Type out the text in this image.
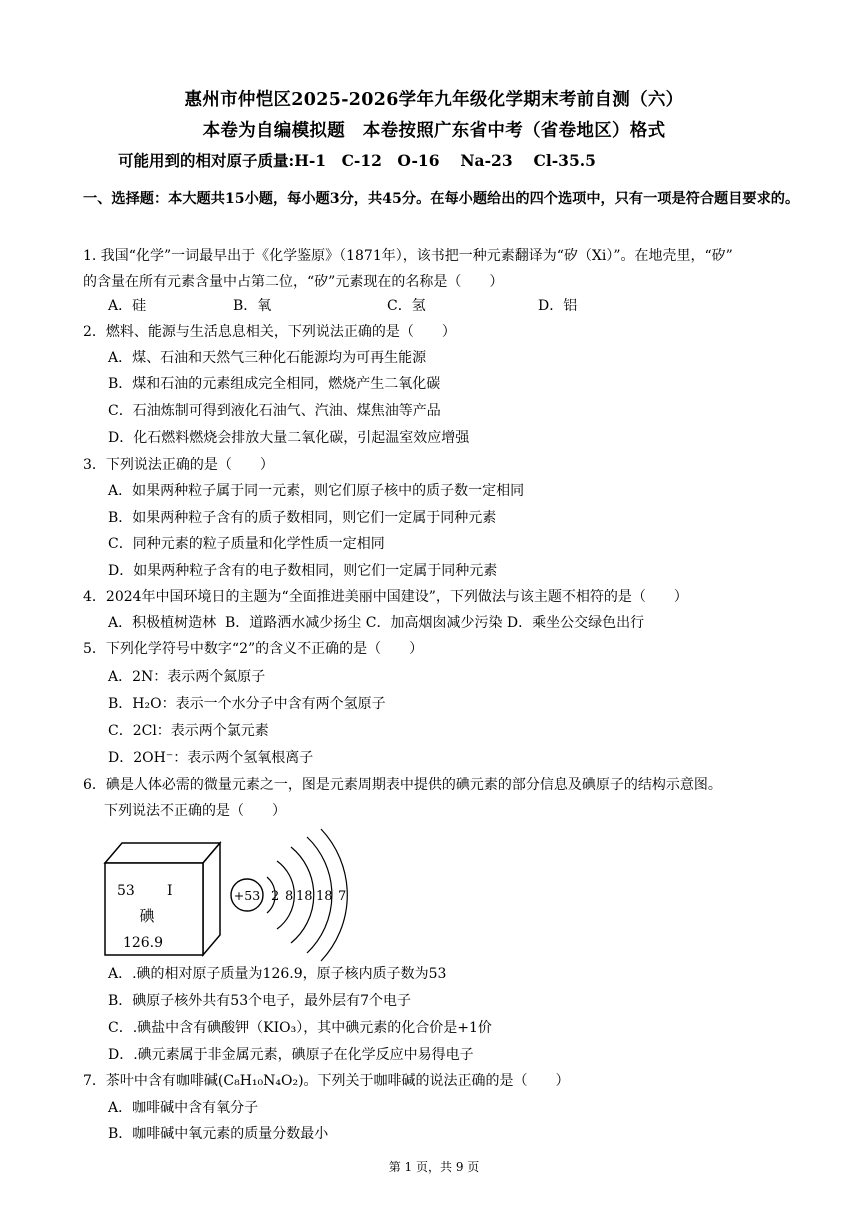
惠州市仲恺区2025-2026学年九年级化学期末考前自测（六）
本卷为自编模拟题　本卷按照广东省中考（省卷地区）格式
可能用到的相对原子质量:H-1　C-12　O-16　 Na-23　 Cl-35.5
一、选择题：本大题共15小题，每小题3分，共45分。在每小题给出的四个选项中，只有一项是符合题目要求的。
1. 我国“化学”一词最早出于《化学鉴原》（1871年），该书把一种元素翻译为“矽（Xi）”。在地壳里，“矽”
的含量在所有元素含量中占第二位，“矽”元素现在的名称是（　　）
A．硅	B．氧	C．氢	D．铝
2．燃料、能源与生活息息相关，下列说法正确的是（　　）
A．煤、石油和天然气三种化石能源均为可再生能源
B．煤和石油的元素组成完全相同，燃烧产生二氧化碳
C．石油炼制可得到液化石油气、汽油、煤焦油等产品
D．化石燃料燃烧会排放大量二氧化碳，引起温室效应增强
3．下列说法正确的是（　　）
A．如果两种粒子属于同一元素，则它们原子核中的质子数一定相同
B．如果两种粒子含有的质子数相同，则它们一定属于同种元素
C．同种元素的粒子质量和化学性质一定相同
D．如果两种粒子含有的电子数相同，则它们一定属于同种元素
4．2024年中国环境日的主题为“全面推进美丽中国建设”，下列做法与该主题不相符的是（　　）
A．积极植树造林  B．道路洒水减少扬尘 C．加高烟囱减少污染 D．乘坐公交绿色出行
5．下列化学符号中数字“2”的含义不正确的是（　　）
A．2N：表示两个氮原子
B．H₂O：表示一个水分子中含有两个氢原子
C．2Cl：表示两个氯元素
D．2OH⁻：表示两个氢氧根离子
6．碘是人体必需的微量元素之一，图是元素周期表中提供的碘元素的部分信息及碘原子的结构示意图。
下列说法不正确的是（　　）
53 I
碘
126.9
+53 2 8 18 18 7
A．.碘的相对原子质量为126.9，原子核内质子数为53
B．碘原子核外共有53个电子，最外层有7个电子
C．.碘盐中含有碘酸钾（KIO₃），其中碘元素的化合价是+1价
D．.碘元素属于非金属元素，碘原子在化学反应中易得电子
7．茶叶中含有咖啡碱(C₈H₁₀N₄O₂)。下列关于咖啡碱的说法正确的是（　　）
A．咖啡碱中含有氧分子
B．咖啡碱中氧元素的质量分数最小
第 1 页，共 9 页
